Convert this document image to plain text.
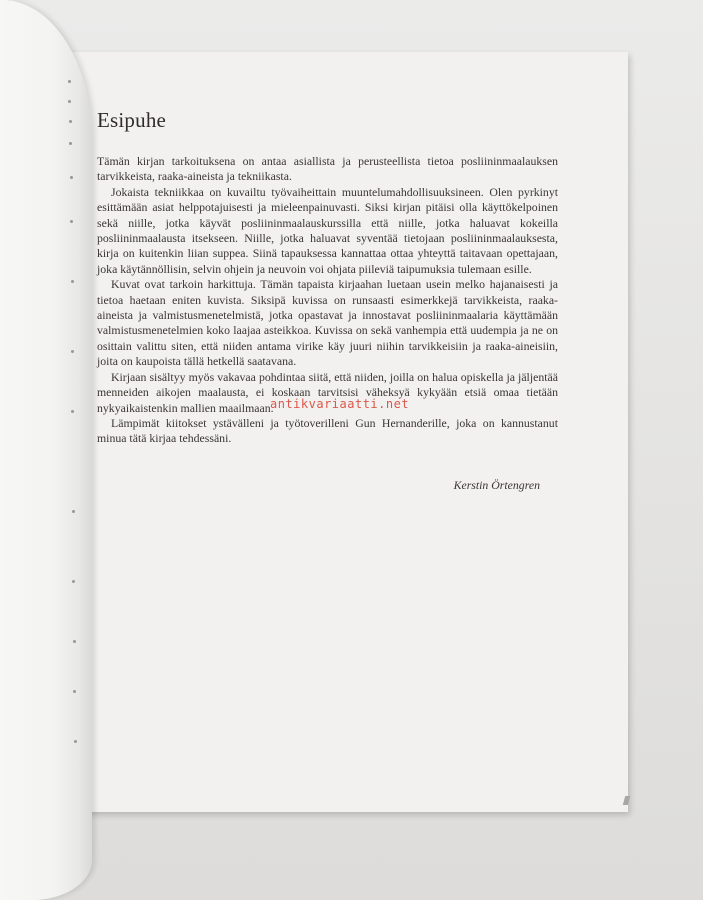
Esipuhe

Tämän kirjan tarkoituksena on antaa asiallista ja perusteellista tietoa posliininmaalauksen tarvikkeista, raaka-aineista ja tekniikasta.

Jokaista tekniikkaa on kuvailtu työvaiheittain muuntelumahdollisuuksineen. Olen pyrkinyt esittämään asiat helppotajuisesti ja mieleenpainuvasti. Siksi kirjan pitäisi olla käyttökelpoinen sekä niille, jotka käyvät posliininmaalauskurssilla että niille, jotka haluavat kokeilla posliininmaalausta itsekseen. Niille, jotka haluavat syventää tietojaan posliininmaalauksesta, kirja on kuitenkin liian suppea. Siinä tapauksessa kannattaa ottaa yhteyttä taitavaan opettajaan, joka käytännöllisin, selvin ohjein ja neuvoin voi ohjata piileviä taipumuksia tulemaan esille.

Kuvat ovat tarkoin harkittuja. Tämän tapaista kirjaahan luetaan usein melko hajanaisesti ja tietoa haetaan eniten kuvista. Siksipä kuvissa on runsaasti esimerkkejä tarvikkeista, raaka-aineista ja valmistusmenetelmistä, jotka opastavat ja innostavat posliininmaalaria käyttämään valmistusmenetelmien koko laajaa asteikkoa. Kuvissa on sekä vanhempia että uudempia ja ne on osittain valittu siten, että niiden antama virike käy juuri niihin tarvikkeisiin ja raaka-aineisiin, joita on kaupoista tällä hetkellä saatavana.

Kirjaan sisältyy myös vakavaa pohdintaa siitä, että niiden, joilla on halua opiskella ja jäljentää menneiden aikojen maalausta, ei koskaan tarvitsisi väheksyä kykyään etsiä omaa tietään nykyaikaistenkin mallien maailmaan.

Lämpimät kiitokset ystävälleni ja työtoverilleni Gun Hernanderille, joka on kannustanut minua tätä kirjaa tehdessäni.

Kerstin Örtengren
antikvariaatti.net
